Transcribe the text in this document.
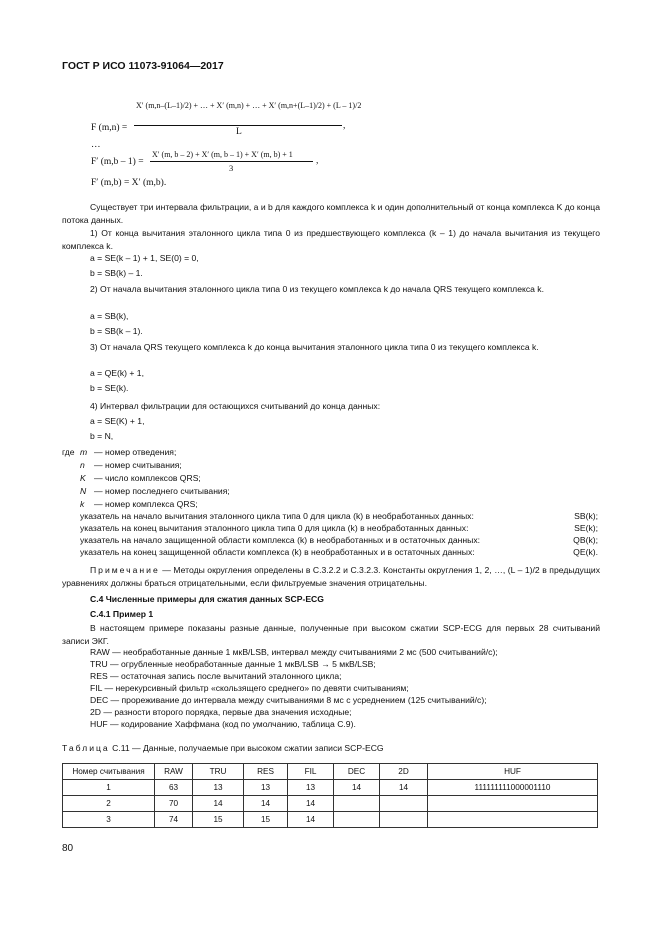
ГОСТ Р ИСО 11073-91064—2017
F (m,n) =
X′ (m,n–(L–1)/2) + … + X′ (m,n) + … + X′ (m,n+(L–1)/2) + (L – 1)/2
L
,
…
F′ (m,b – 1) =
X′ (m, b – 2) + X′ (m, b – 1) + X′ (m, b) + 1
3
,
F′ (m,b) = X′ (m,b).
Существует три интервала фильтрации, a и b для каждого комплекса k и один дополнительный от конца комплекса K до конца потока данных.
1) От конца вычитания эталонного цикла типа 0 из предшествующего комплекса (k – 1) до начала вычитания из текущего комплекса k.
a = SE(k – 1) + 1, SE(0) = 0,
b = SB(k) – 1.
2) От начала вычитания эталонного цикла типа 0 из текущего комплекса k до начала QRS текущего комплекса k.
a = SB(k),
b = SB(k – 1).
3) От начала QRS текущего комплекса k до конца вычитания эталонного цикла типа 0 из текущего комплекса k.
a = QE(k) + 1,
b = SE(k).
4) Интервал фильтрации для остающихся считываний до конца данных:
a = SE(K) + 1,
b = N,
где m — номер отведения;
n — номер считывания;
K — число комплексов QRS;
N — номер последнего считывания;
k — номер комплекса QRS;
указатель на начало вычитания эталонного цикла типа 0 для цикла (k) в необработанных данных:	SB(k);
указатель на конец вычитания эталонного цикла типа 0 для цикла (k) в необработанных данных:	SE(k);
указатель на начало защищенной области комплекса (k) в необработанных и в остаточных данных:	QB(k);
указатель на конец защищенной области комплекса (k) в необработанных и в остаточных данных:	QE(k).
Примечание — Методы округления определены в С.3.2.2 и С.3.2.3. Константы округления 1, 2, …, (L – 1)/2 в предыдущих уравнениях должны браться отрицательными, если фильтруемые значения отрицательны.
С.4 Численные примеры для сжатия данных SCP-ECG
С.4.1 Пример 1
В настоящем примере показаны разные данные, полученные при высоком сжатии SCP-ECG для первых 28 считываний записи ЭКГ.
RAW — необработанные данные 1 мкВ/LSB, интервал между считываниями 2 мс (500 считываний/с);
TRU — огрубленные необработанные данные 1 мкВ/LSB → 5 мкВ/LSB;
RES — остаточная запись после вычитаний эталонного цикла;
FIL — нерекурсивный фильтр «скользящего среднего» по девяти считываниям;
DEC — прореживание до интервала между считываниями 8 мс с усреднением (125 считываний/с);
2D — разности второго порядка, первые два значения исходные;
HUF — кодирование Хаффмана (код по умолчанию, таблица С.9).
Таблица С.11 — Данные, получаемые при высоком сжатии записи SCP-ECG
Номер считывания	RAW	TRU	RES	FIL	DEC	2D	HUF
1	63	13	13	13	14	14	111111111000001110
2	70	14	14	14			
3	74	15	15	14			
80
